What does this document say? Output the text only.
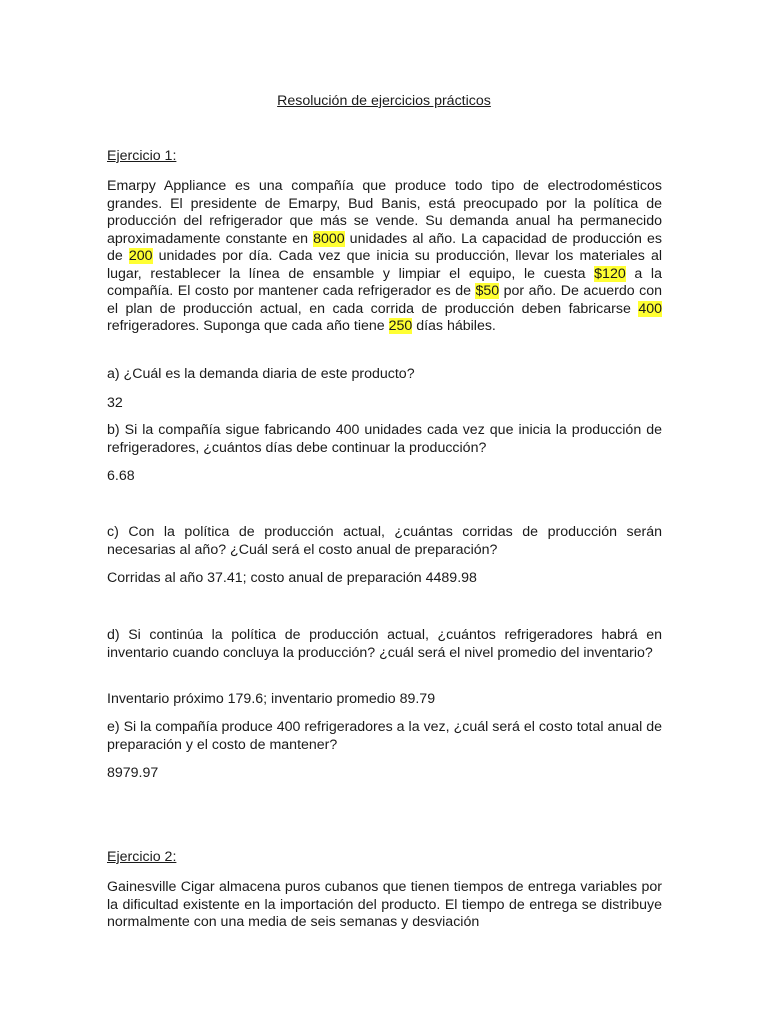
Resolución de ejercicios prácticos
Ejercicio 1:
Emarpy Appliance es una compañía que produce todo tipo de electrodomésticos grandes. El presidente de Emarpy, Bud Banis, está preocupado por la política de producción del refrigerador que más se vende. Su demanda anual ha permanecido aproximadamente constante en 8000 unidades al año. La capacidad de producción es de 200 unidades por día. Cada vez que inicia su producción, llevar los materiales al lugar, restablecer la línea de ensamble y limpiar el equipo, le cuesta $120 a la compañía. El costo por mantener cada refrigerador es de $50 por año. De acuerdo con el plan de producción actual, en cada corrida de producción deben fabricarse 400 refrigeradores. Suponga que cada año tiene 250 días hábiles.
a) ¿Cuál es la demanda diaria de este producto?
32
b) Si la compañía sigue fabricando 400 unidades cada vez que inicia la producción de refrigeradores, ¿cuántos días debe continuar la producción?
6.68
c) Con la política de producción actual, ¿cuántas corridas de producción serán necesarias al año? ¿Cuál será el costo anual de preparación?
Corridas al año 37.41; costo anual de preparación 4489.98
d) Si continúa la política de producción actual, ¿cuántos refrigeradores habrá en inventario cuando concluya la producción? ¿cuál será el nivel promedio del inventario?
Inventario próximo 179.6; inventario promedio 89.79
e) Si la compañía produce 400 refrigeradores a la vez, ¿cuál será el costo total anual de preparación y el costo de mantener?
8979.97
Ejercicio 2:
Gainesville Cigar almacena puros cubanos que tienen tiempos de entrega variables por la dificultad existente en la importación del producto. El tiempo de entrega se distribuye normalmente con una media de seis semanas y desviación
